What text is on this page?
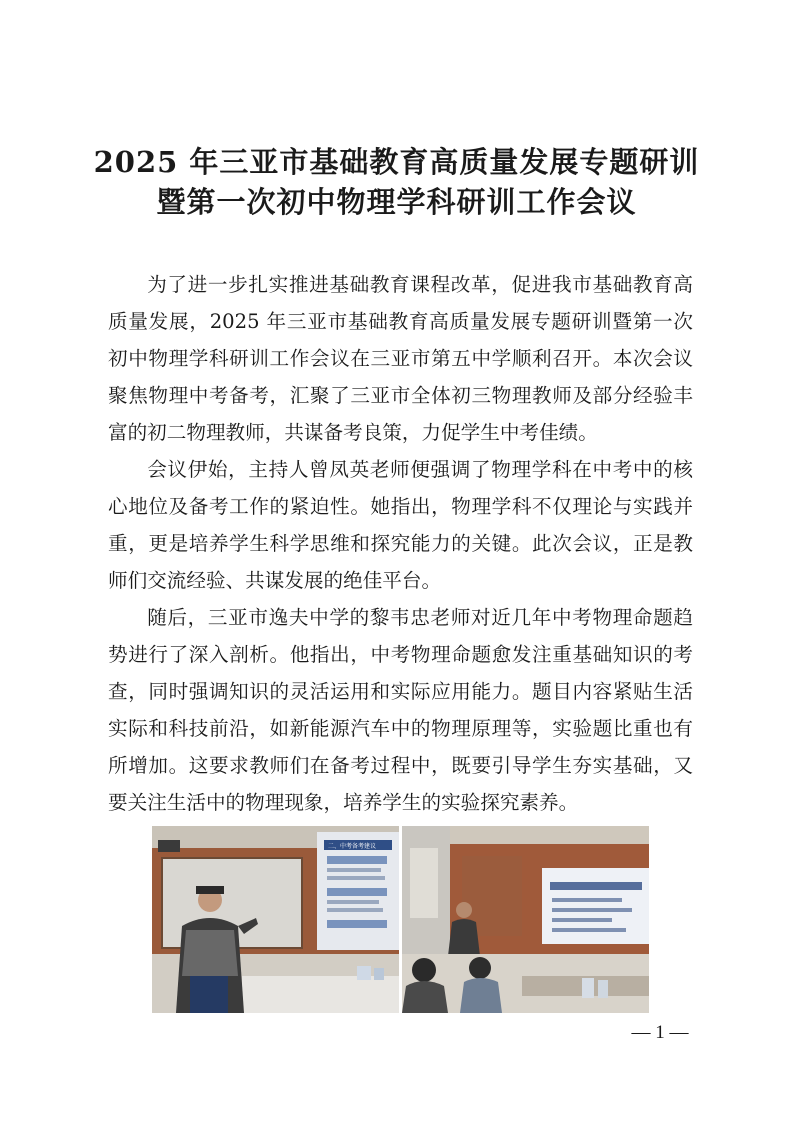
2025 年三亚市基础教育高质量发展专题研训
暨第一次初中物理学科研训工作会议

为了进一步扎实推进基础教育课程改革，促进我市基础教育高质量发展，2025 年三亚市基础教育高质量发展专题研训暨第一次初中物理学科研训工作会议在三亚市第五中学顺利召开。本次会议聚焦物理中考备考，汇聚了三亚市全体初三物理教师及部分经验丰富的初二物理教师，共谋备考良策，力促学生中考佳绩。

会议伊始，主持人曾凤英老师便强调了物理学科在中考中的核心地位及备考工作的紧迫性。她指出，物理学科不仅理论与实践并重，更是培养学生科学思维和探究能力的关键。此次会议，正是教师们交流经验、共谋发展的绝佳平台。

随后，三亚市逸夫中学的黎韦忠老师对近几年中考物理命题趋势进行了深入剖析。他指出，中考物理命题愈发注重基础知识的考查，同时强调知识的灵活运用和实际应用能力。题目内容紧贴生活实际和科技前沿，如新能源汽车中的物理原理等，实验题比重也有所增加。这要求教师们在备考过程中，既要引导学生夯实基础，又要关注生活中的物理现象，培养学生的实验探究素养。

二、中考备考建议
— 1 —
